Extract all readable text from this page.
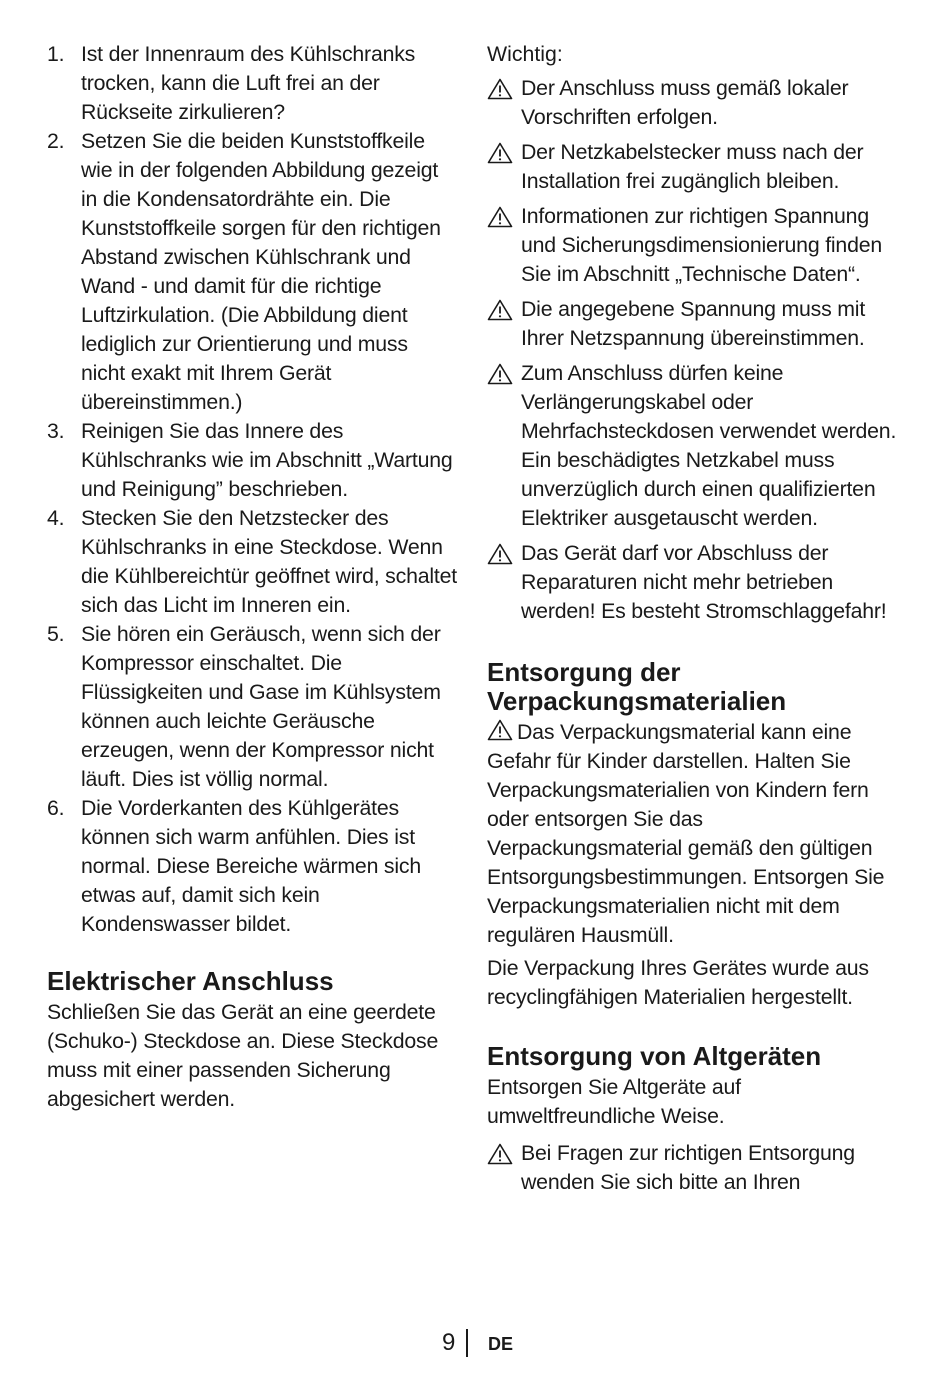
1. Ist der Innenraum des Kühlschranks trocken, kann die Luft frei an der Rückseite zirkulieren?
2. Setzen Sie die beiden Kunststoffkeile wie in der folgenden Abbildung gezeigt in die Kondensatordrähte ein. Die Kunststoffkeile sorgen für den richtigen Abstand zwischen Kühlschrank und Wand - und damit für die richtige Luftzirkulation. (Die Abbildung dient lediglich zur Orientierung und muss nicht exakt mit Ihrem Gerät übereinstimmen.)
3. Reinigen Sie das Innere des Kühlschranks wie im Abschnitt „Wartung und Reinigung” beschrieben.
4. Stecken Sie den Netzstecker des Kühlschranks in eine Steckdose. Wenn die Kühlbereichtür geöffnet wird, schaltet sich das Licht im Inneren ein.
5. Sie hören ein Geräusch, wenn sich der Kompressor einschaltet. Die Flüssigkeiten und Gase im Kühlsystem können auch leichte Geräusche erzeugen, wenn der Kompressor nicht läuft. Dies ist völlig normal.
6. Die Vorderkanten des Kühlgerätes können sich warm anfühlen. Dies ist normal. Diese Bereiche wärmen sich etwas auf, damit sich kein Kondenswasser bildet.
Elektrischer Anschluss

Schließen Sie das Gerät an eine geerdete (Schuko-) Steckdose an. Diese Steckdose muss mit einer passenden Sicherung abgesichert werden.

Wichtig:

Der Anschluss muss gemäß lokaler Vorschriften erfolgen.
Der Netzkabelstecker muss nach der Installation frei zugänglich bleiben.
Informationen zur richtigen Spannung und Sicherungsdimensionierung finden Sie im Abschnitt „Technische Daten“.
Die angegebene Spannung muss mit Ihrer Netzspannung übereinstimmen.
Zum Anschluss dürfen keine Verlängerungskabel oder Mehrfachsteckdosen verwendet werden.
Ein beschädigtes Netzkabel muss unverzüglich durch einen qualifizierten Elektriker ausgetauscht werden.
Das Gerät darf vor Abschluss der Reparaturen nicht mehr betrieben werden! Es besteht Stromschlaggefahr!
Entsorgung der
Verpackungsmaterialien

Das Verpackungsmaterial kann eine Gefahr für Kinder darstellen. Halten Sie Verpackungsmaterialien von Kindern fern oder entsorgen Sie das Verpackungsmaterial gemäß den gültigen Entsorgungsbestimmungen. Entsorgen Sie Verpackungsmaterialien nicht mit dem regulären Hausmüll.

Die Verpackung Ihres Gerätes wurde aus recyclingfähigen Materialien hergestellt.

Entsorgung von Altgeräten

Entsorgen Sie Altgeräte auf umweltfreundliche Weise.

Bei Fragen zur richtigen Entsorgung wenden Sie sich bitte an Ihren
9 DE
